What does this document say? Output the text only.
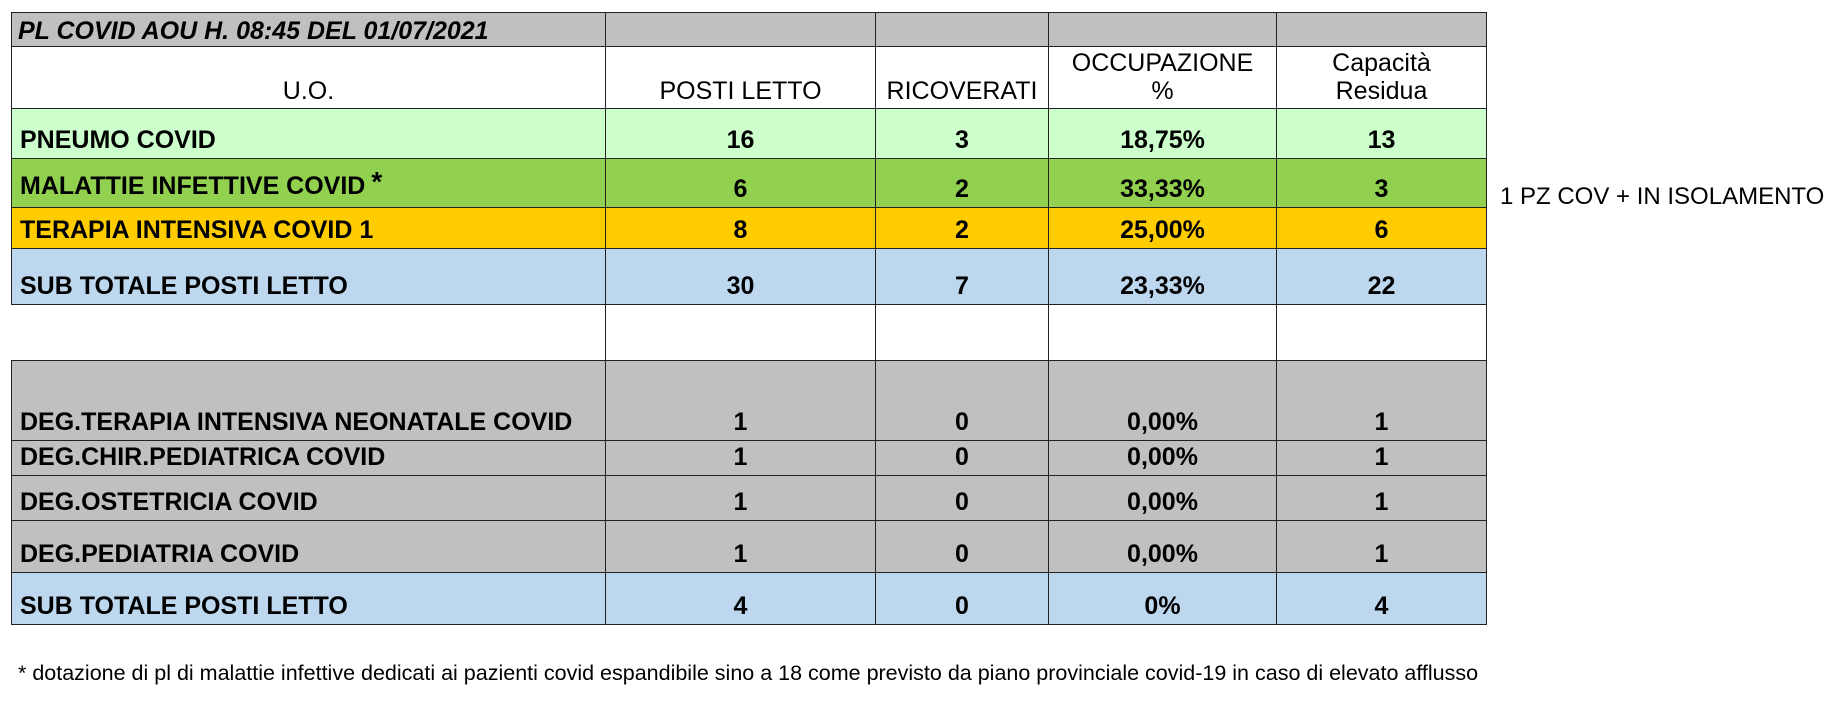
PL COVID AOU H. 08:45 DEL 01/07/2021				
U.O.	POSTI LETTO	RICOVERATI	OCCUPAZIONE %	Capacità Residua
PNEUMO COVID	16	3	18,75%	13
MALATTIE INFETTIVE COVID *	6	2	33,33%	3
TERAPIA INTENSIVA COVID 1	8	2	25,00%	6
SUB TOTALE POSTI LETTO	30	7	23,33%	22

DEG.TERAPIA INTENSIVA NEONATALE COVID	1	0	0,00%	1
DEG.CHIR.PEDIATRICA COVID	1	0	0,00%	1
DEG.OSTETRICIA COVID	1	0	0,00%	1
DEG.PEDIATRIA COVID	1	0	0,00%	1
SUB TOTALE POSTI LETTO	4	0	0%	4
1 PZ COV + IN ISOLAMENTO
* dotazione di pl di malattie infettive dedicati ai pazienti covid espandibile sino a 18 come previsto da piano provinciale covid-19 in caso di elevato afflusso
